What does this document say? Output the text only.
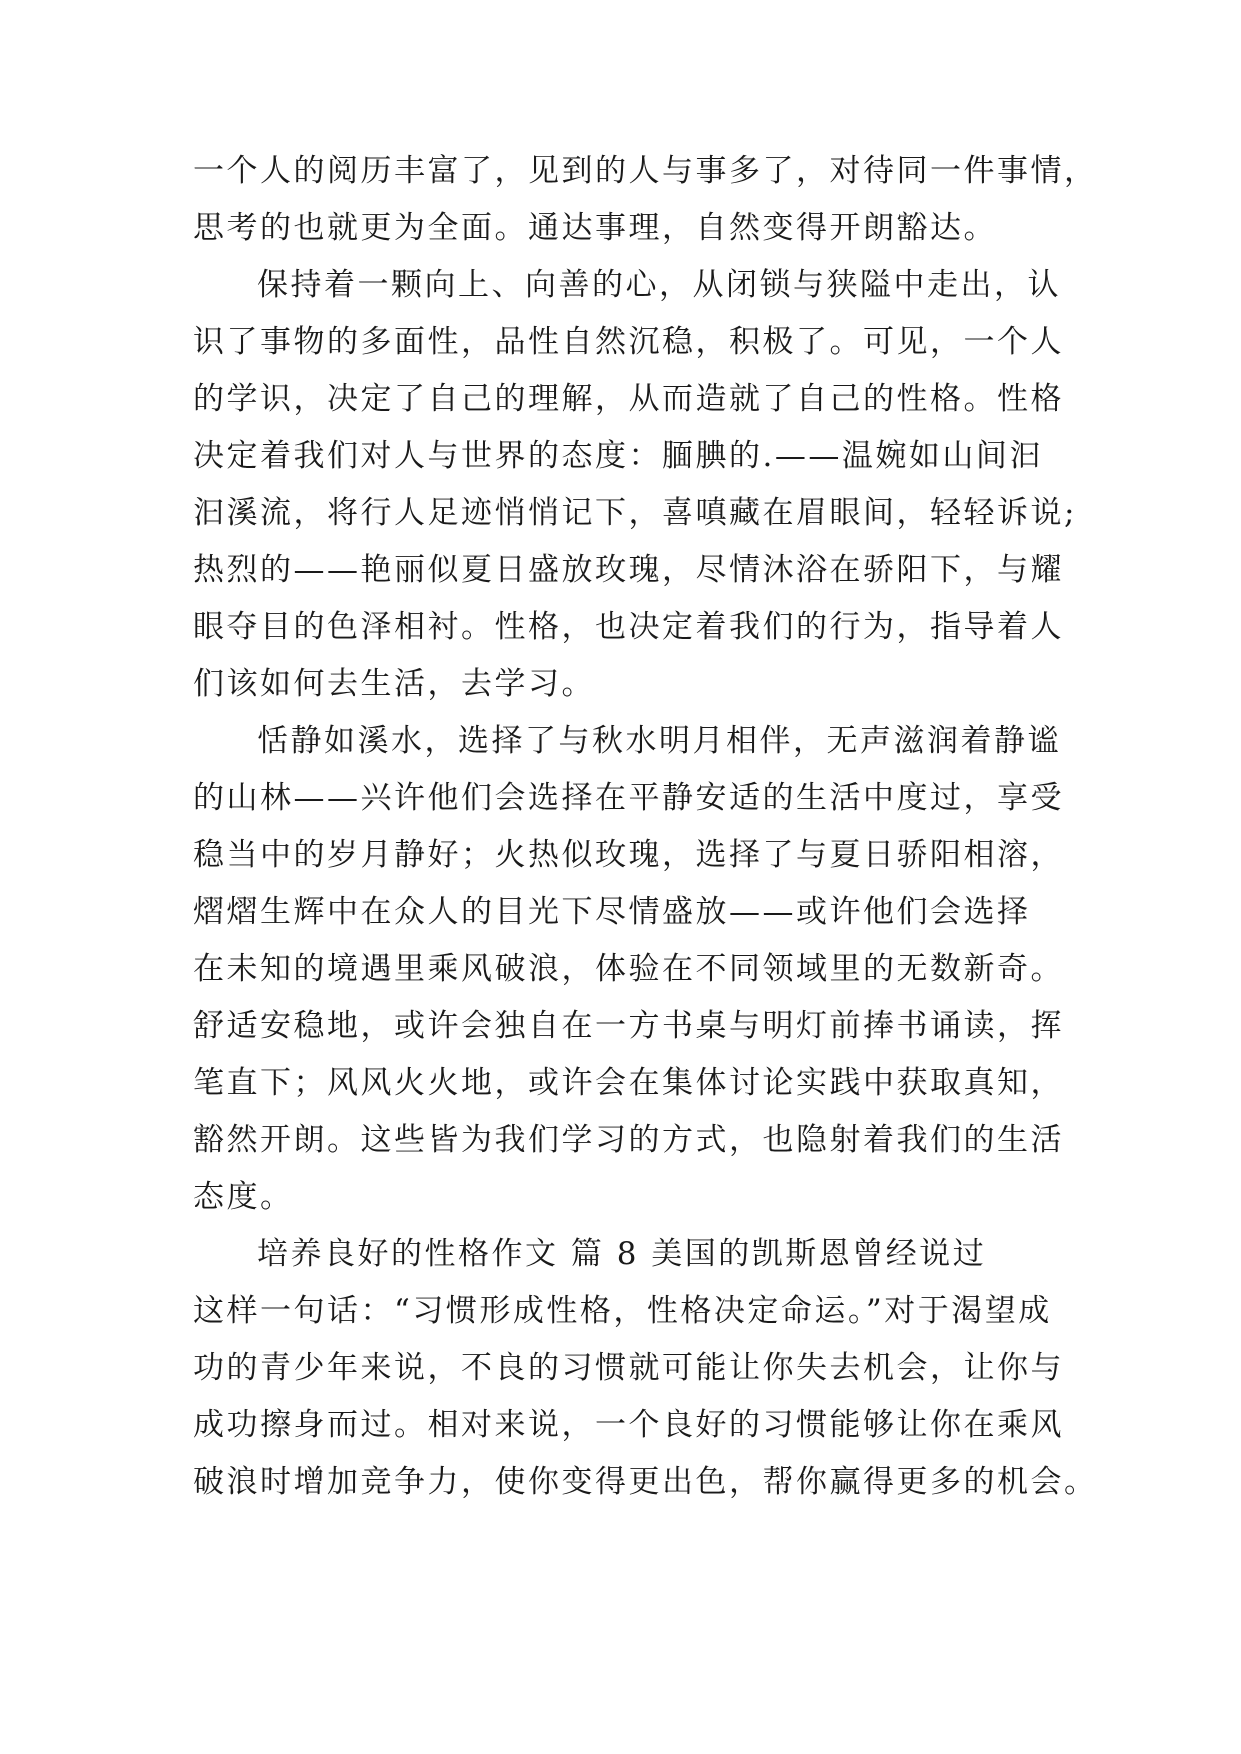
一个人的阅历丰富了，见到的人与事多了，对待同一件事情，
思考的也就更为全面。通达事理，自然变得开朗豁达。
保持着一颗向上、向善的心，从闭锁与狭隘中走出，认
识了事物的多面性，品性自然沉稳，积极了。可见，一个人
的学识，决定了自己的理解，从而造就了自己的性格。性格
决定着我们对人与世界的态度：腼腆的.——温婉如山间汩
汩溪流，将行人足迹悄悄记下，喜嗔藏在眉眼间，轻轻诉说;
热烈的——艳丽似夏日盛放玫瑰，尽情沐浴在骄阳下，与耀
眼夺目的色泽相衬。性格，也决定着我们的行为，指导着人
们该如何去生活，去学习。
恬静如溪水，选择了与秋水明月相伴，无声滋润着静谧
的山林——兴许他们会选择在平静安适的生活中度过，享受
稳当中的岁月静好；火热似玫瑰，选择了与夏日骄阳相溶，
熠熠生辉中在众人的目光下尽情盛放——或许他们会选择
在未知的境遇里乘风破浪，体验在不同领域里的无数新奇。
舒适安稳地，或许会独自在一方书桌与明灯前捧书诵读，挥
笔直下；风风火火地，或许会在集体讨论实践中获取真知，
豁然开朗。这些皆为我们学习的方式，也隐射着我们的生活
态度。
培养良好的性格作文 篇 8 美国的凯斯恩曾经说过
这样一句话：“习惯形成性格，性格决定命运。”对于渴望成
功的青少年来说，不良的习惯就可能让你失去机会，让你与
成功擦身而过。相对来说，一个良好的习惯能够让你在乘风
破浪时增加竞争力，使你变得更出色，帮你赢得更多的机会。
